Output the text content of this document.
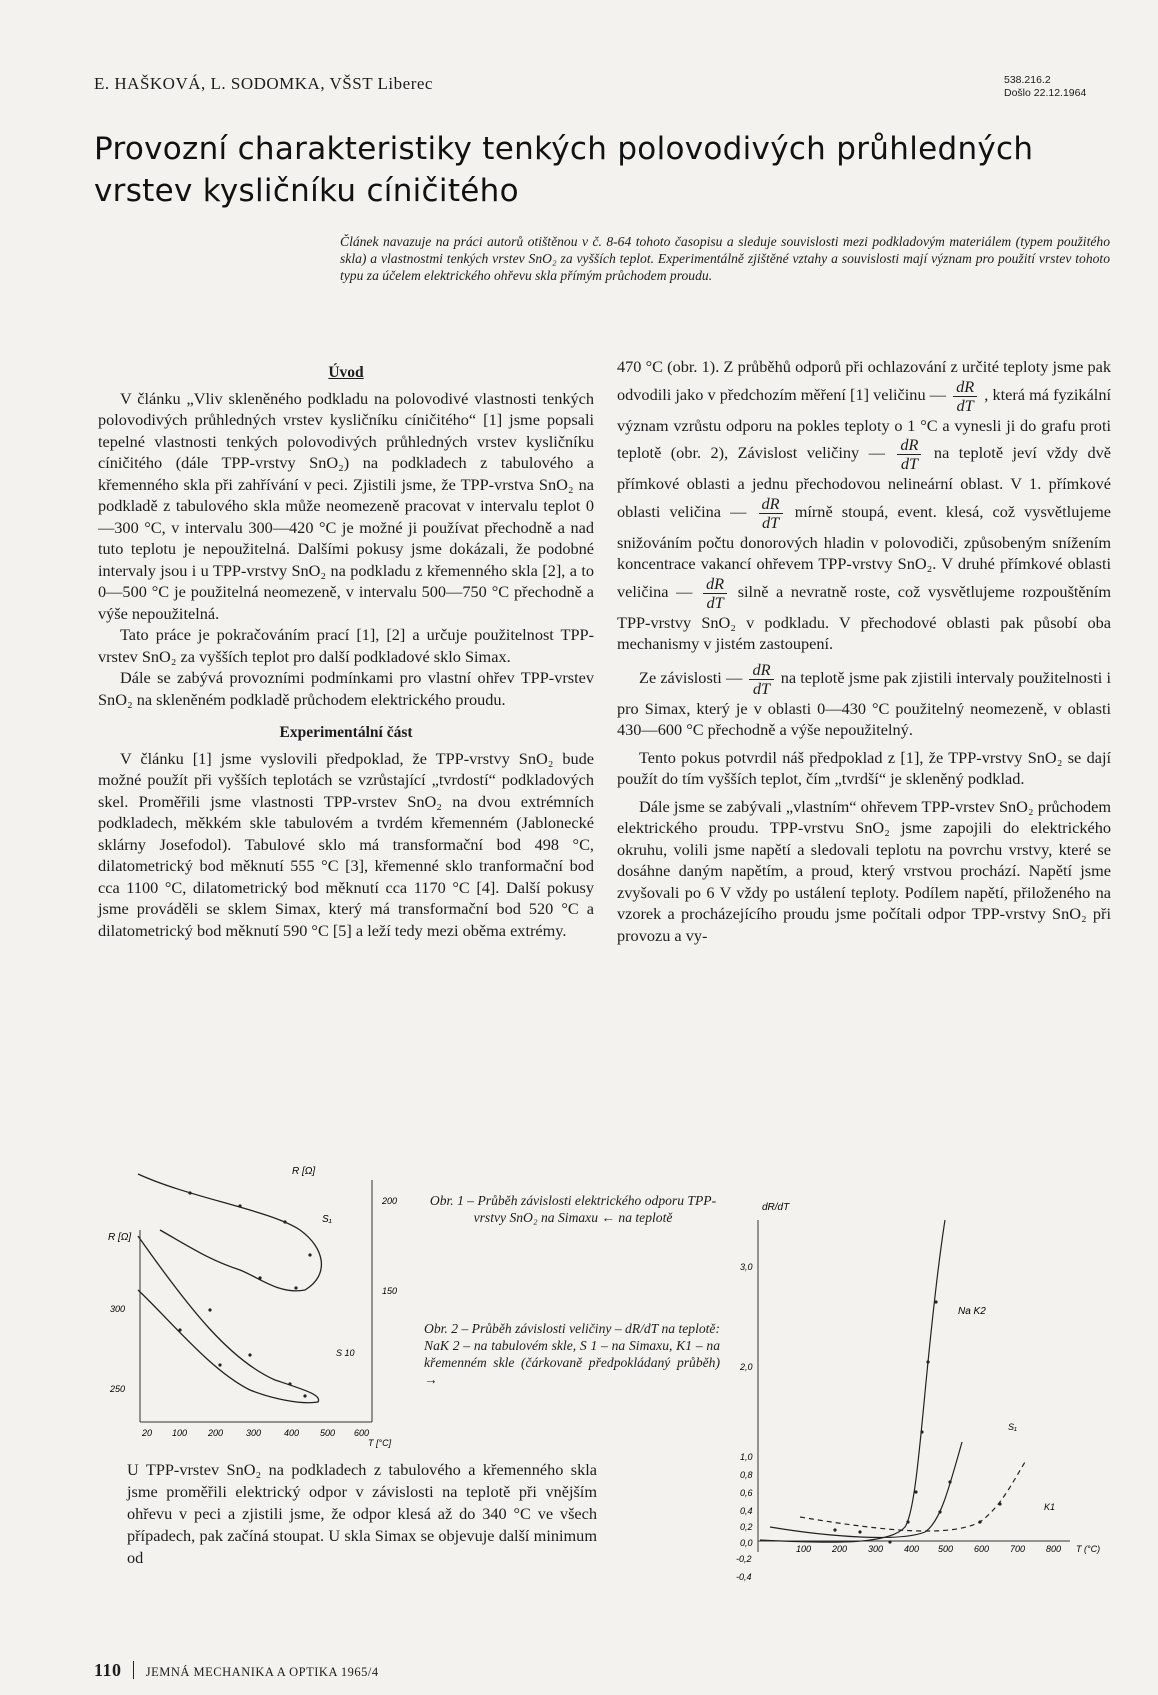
E. HAŠKOVÁ, L. SODOMKA, VŠST Liberec	538.216.2
Došlo 22.12.1964
Provozní charakteristiky tenkých polovodivých průhledných vrstev kysličníku cíničitého
Článek navazuje na práci autorů otištěnou v č. 8-64 tohoto časopisu a sleduje souvislosti mezi podkladovým materiálem (typem použitého skla) a vlastnostmi tenkých vrstev SnO₂ za vyšších teplot. Experimentálně zjištěné vztahy a souvislosti mají význam pro použití vrstev tohoto typu za účelem elektrického ohřevu skla přímým průchodem proudu.
Úvod

V článku „Vliv skleněného podkladu na polovodivé vlastnosti tenkých polovodivých průhledných vrstev kysličníku cíničitého“ [1] jsme popsali tepelné vlastnosti tenkých polovodivých průhledných vrstev kysličníku cíničitého (dále TPP-vrstvy SnO₂) na podkladech z tabulového a křemenného skla při zahřívání v peci. Zjistili jsme, že TPP-vrstva SnO₂ na podkladě z tabulového skla může neomezeně pracovat v intervalu teplot 0—300 °C, v intervalu 300—420 °C je možné ji používat přechodně a nad tuto teplotu je nepoužitelná. Dalšími pokusy jsme dokázali, že podobné intervaly jsou i u TPP-vrstvy SnO₂ na podkladu z křemenného skla [2], a to 0—500 °C je použitelná neomezeně, v intervalu 500—750 °C přechodně a výše nepoužitelná.

Tato práce je pokračováním prací [1], [2] a určuje použitelnost TPP-vrstev SnO₂ za vyšších teplot pro další podkladové sklo Simax.

Dále se zabývá provozními podmínkami pro vlastní ohřev TPP-vrstev SnO₂ na skleněném podkladě průchodem elektrického proudu.

Experimentální část

V článku [1] jsme vyslovili předpoklad, že TPP-vrstvy SnO₂ bude možné použít při vyšších teplotách se vzrůstající „tvrdostí“ podkladových skel. Proměřili jsme vlastnosti TPP-vrstev SnO₂ na dvou extrémních podkladech, měkkém skle tabulovém a tvrdém křemenném (Jablonecké sklárny Josefodol). Tabulové sklo má transformační bod 498 °C, dilatometrický bod měknutí 555 °C [3], křemenné sklo tranformační bod cca 1100 °C, dilatometrický bod měknutí cca 1170 °C [4]. Další pokusy jsme prováděli se sklem Simax, který má transformační bod 520 °C a dilatometrický bod měknutí 590 °C [5] a leží tedy mezi oběma extrémy.

470 °C (obr. 1). Z průběhů odporů při ochlazování z určité teploty jsme pak odvodili jako v předchozím měření [1] veličinu — $\frac{dR}{dT}$ , která má fyzikální význam vzrůstu odporu na pokles teploty o 1 °C a vynesli ji do grafu proti teplotě (obr. 2), Závislost veličiny — $\frac{dR}{dT}$ na teplotě jeví vždy dvě přímkové oblasti a jednu přechodovou nelineární oblast. V 1. přímkové oblasti veličina — $\frac{dR}{dT}$ mírně stoupá, event. klesá, což vysvětlujeme snižováním počtu donorových hladin v polovodiči, způsobeným snížením koncentrace vakancí ohřevem TPP-vrstvy SnO₂. V druhé přímkové oblasti veličina — $\frac{dR}{dT}$ silně a nevratně roste, což vysvětlujeme rozpouštěním TPP-vrstvy SnO₂ v podkladu. V přechodové oblasti pak působí oba mechanismy v jistém zastoupení.

Ze závislosti — $\frac{dR}{dT}$ na teplotě jsme pak zjistili intervaly použitelnosti i pro Simax, který je v oblasti 0—430 °C použitelný neomezeně, v oblasti 430—600 °C přechodně a výše nepoužitelný.

Tento pokus potvrdil náš předpoklad z [1], že TPP-vrstvy SnO₂ se dají použít do tím vyšších teplot, čím „tvrdší“ je skleněný podklad.

Dále jsme se zabývali „vlastním“ ohřevem TPP-vrstev SnO₂ průchodem elektrického proudu. TPP-vrstvu SnO₂ jsme zapojili do elektrického okruhu, volili jsme napětí a sledovali teplotu na povrchu vrstvy, které se dosáhne daným napětím, a proud, který vrstvou prochází. Napětí jsme zvyšovali po 6 V vždy po ustálení teploty. Podílem napětí, přiloženého na vzorek a procházejícího proudu jsme počítali odpor TPP-vrstvy SnO₂ při provozu a vy-

R [Ω]
R [Ω]
300
250
200
150
20 100 200	300	400 500 600
T [°C]
S₁
S 10
Obr. 1 – Průběh závislosti elektrického odporu TPP-vrstvy SnO₂ na Simaxu ← na teplotě
Obr. 2 – Průběh závislosti veličiny – dR/dT na teplotě: NaK 2 – na tabulovém skle, S 1 – na Simaxu, K1 – na křemenném skle (čárkovaně předpokládaný průběh) →
dR/dT
3,0
2,0
1,0
0,8
0,6
0,4
0,2
0,0
-0,2
-0,4
100 200 300 400 500 600 700 800 T (°C)
Na K2
S₁
K1

U TPP-vrstev SnO₂ na podkladech z tabulového a křemenného skla jsme proměřili elektrický odpor v závislosti na teplotě při vnějším ohřevu v peci a zjistili jsme, že odpor klesá až do 340 °C ve všech případech, pak začíná stoupat. U skla Simax se objevuje další minimum od

110 JEMNÁ MECHANIKA A OPTIKA 1965/4
